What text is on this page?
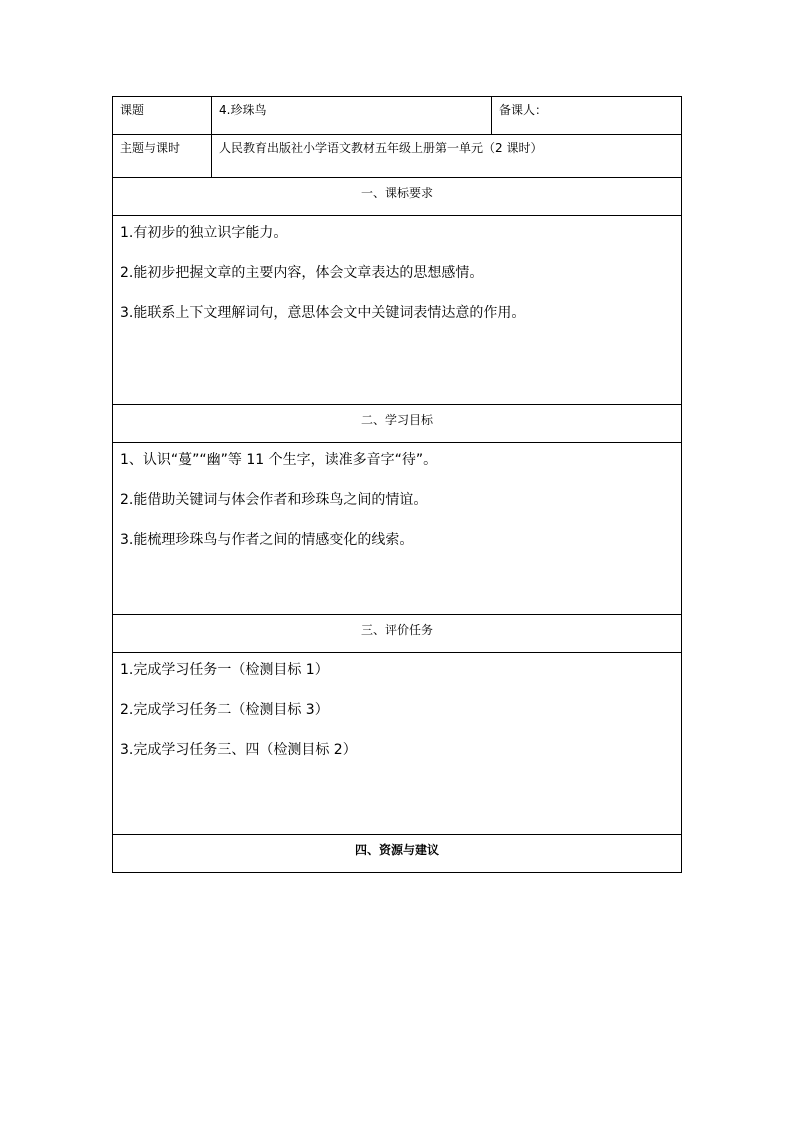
课题	4.珍珠鸟	备课人：

主题与课时	人民教育出版社小学语文教材五年级上册第一单元（2 课时）	

一、课标要求		

1.有初步的独立识字能力。

2.能初步把握文章的主要内容，体会文章表达的思想感情。

3.能联系上下文理解词句，意思体会文中关键词表情达意的作用。		

二、学习目标		

1、认识“蔓”“幽”等 11 个生字，读准多音字“待”。

2.能借助关键词与体会作者和珍珠鸟之间的情谊。

3.能梳理珍珠鸟与作者之间的情感变化的线索。		

三、评价任务		

1.完成学习任务一（检测目标 1）

2.完成学习任务二（检测目标 3）

3.完成学习任务三、四（检测目标 2）		

四、资源与建议		
